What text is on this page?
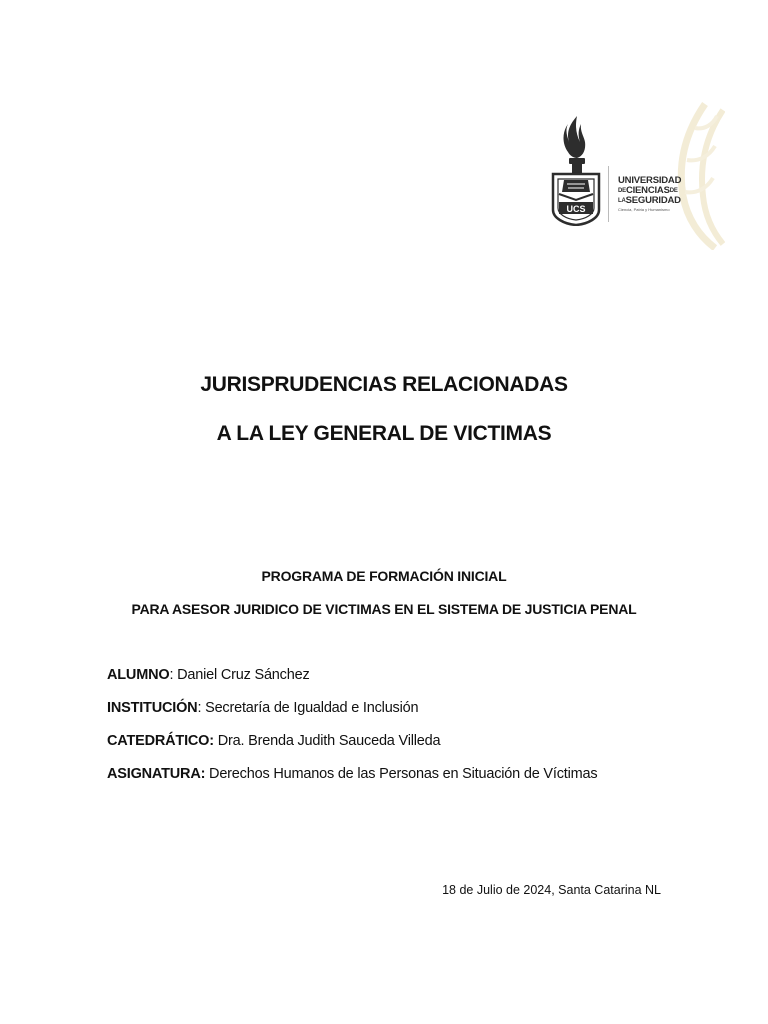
UCS
UNIVERSIDAD
$^{DE}CIENCIAS^{DE}$
$^{LA}$SEGURIDAD
Ciencia, Patria y Humanismo
JURISPRUDENCIAS RELACIONADAS
A LA LEY GENERAL DE VICTIMAS
PROGRAMA DE FORMACIÓN INICIAL
PARA ASESOR JURIDICO DE VICTIMAS EN EL SISTEMA DE JUSTICIA PENAL
ALUMNO: Daniel Cruz Sánchez
INSTITUCIÓN: Secretaría de Igualdad e Inclusión
CATEDRÁTICO: Dra. Brenda Judith Sauceda Villeda
ASIGNATURA: Derechos Humanos de las Personas en Situación de Víctimas
18 de Julio de 2024, Santa Catarina NL
